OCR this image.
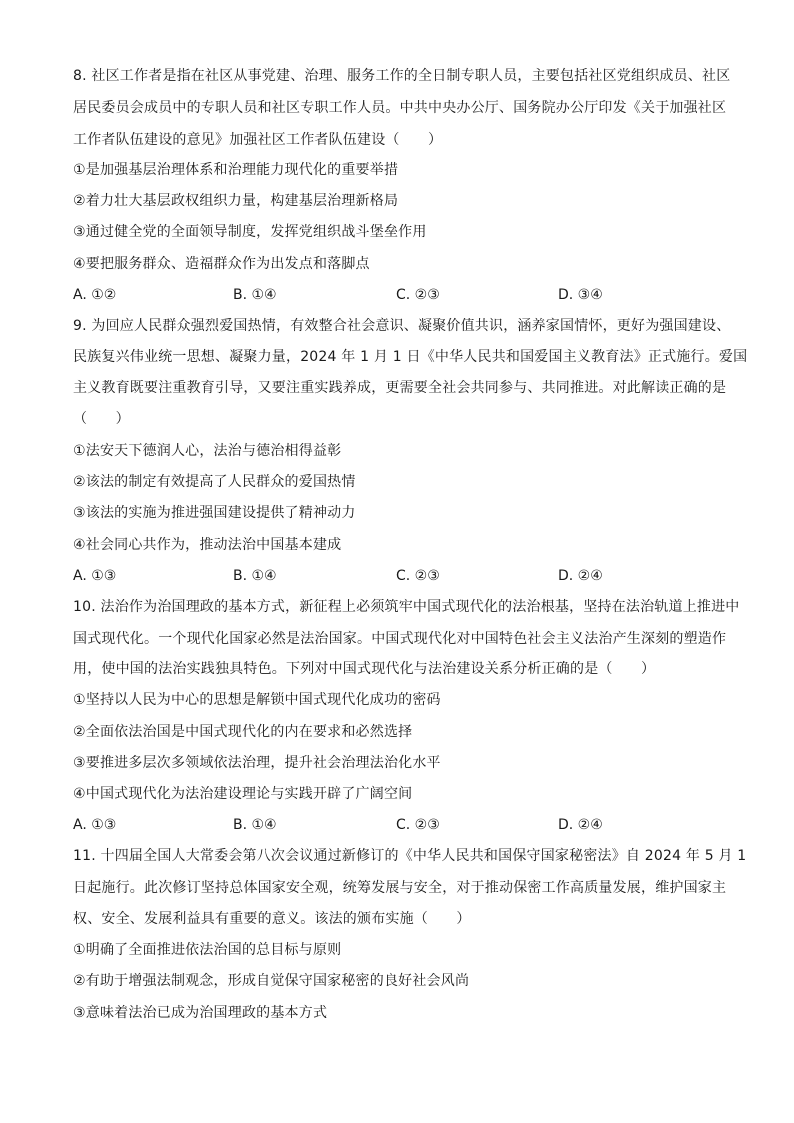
8. 社区工作者是指在社区从事党建、治理、服务工作的全日制专职人员，主要包括社区党组织成员、社区
居民委员会成员中的专职人员和社区专职工作人员。中共中央办公厅、国务院办公厅印发《关于加强社区
工作者队伍建设的意见》加强社区工作者队伍建设（　　）
①是加强基层治理体系和治理能力现代化的重要举措
②着力壮大基层政权组织力量，构建基层治理新格局
③通过健全党的全面领导制度，发挥党组织战斗堡垒作用
④要把服务群众、造福群众作为出发点和落脚点
A. ①②	B. ①④	C. ②③	D. ③④
9. 为回应人民群众强烈爱国热情，有效整合社会意识、凝聚价值共识，涵养家国情怀，更好为强国建设、
民族复兴伟业统一思想、凝聚力量，2024 年 1 月 1 日《中华人民共和国爱国主义教育法》正式施行。爱国
主义教育既要注重教育引导，又要注重实践养成，更需要全社会共同参与、共同推进。对此解读正确的是
（　　）
①法安天下德润人心，法治与德治相得益彰
②该法的制定有效提高了人民群众的爱国热情
③该法的实施为推进强国建设提供了精神动力
④社会同心共作为，推动法治中国基本建成
A. ①③	B. ①④	C. ②③	D. ②④
10. 法治作为治国理政的基本方式，新征程上必须筑牢中国式现代化的法治根基，坚持在法治轨道上推进中
国式现代化。一个现代化国家必然是法治国家。中国式现代化对中国特色社会主义法治产生深刻的塑造作
用，使中国的法治实践独具特色。下列对中国式现代化与法治建设关系分析正确的是（　　）
①坚持以人民为中心的思想是解锁中国式现代化成功的密码
②全面依法治国是中国式现代化的内在要求和必然选择
③要推进多层次多领域依法治理，提升社会治理法治化水平
④中国式现代化为法治建设理论与实践开辟了广阔空间
A. ①③	B. ①④	C. ②③	D. ②④
11. 十四届全国人大常委会第八次会议通过新修订的《中华人民共和国保守国家秘密法》自 2024 年 5 月 1
日起施行。此次修订坚持总体国家安全观，统筹发展与安全，对于推动保密工作高质量发展，维护国家主
权、安全、发展利益具有重要的意义。该法的颁布实施（　　）
①明确了全面推进依法治国的总目标与原则
②有助于增强法制观念，形成自觉保守国家秘密的良好社会风尚
③意味着法治已成为治国理政的基本方式
